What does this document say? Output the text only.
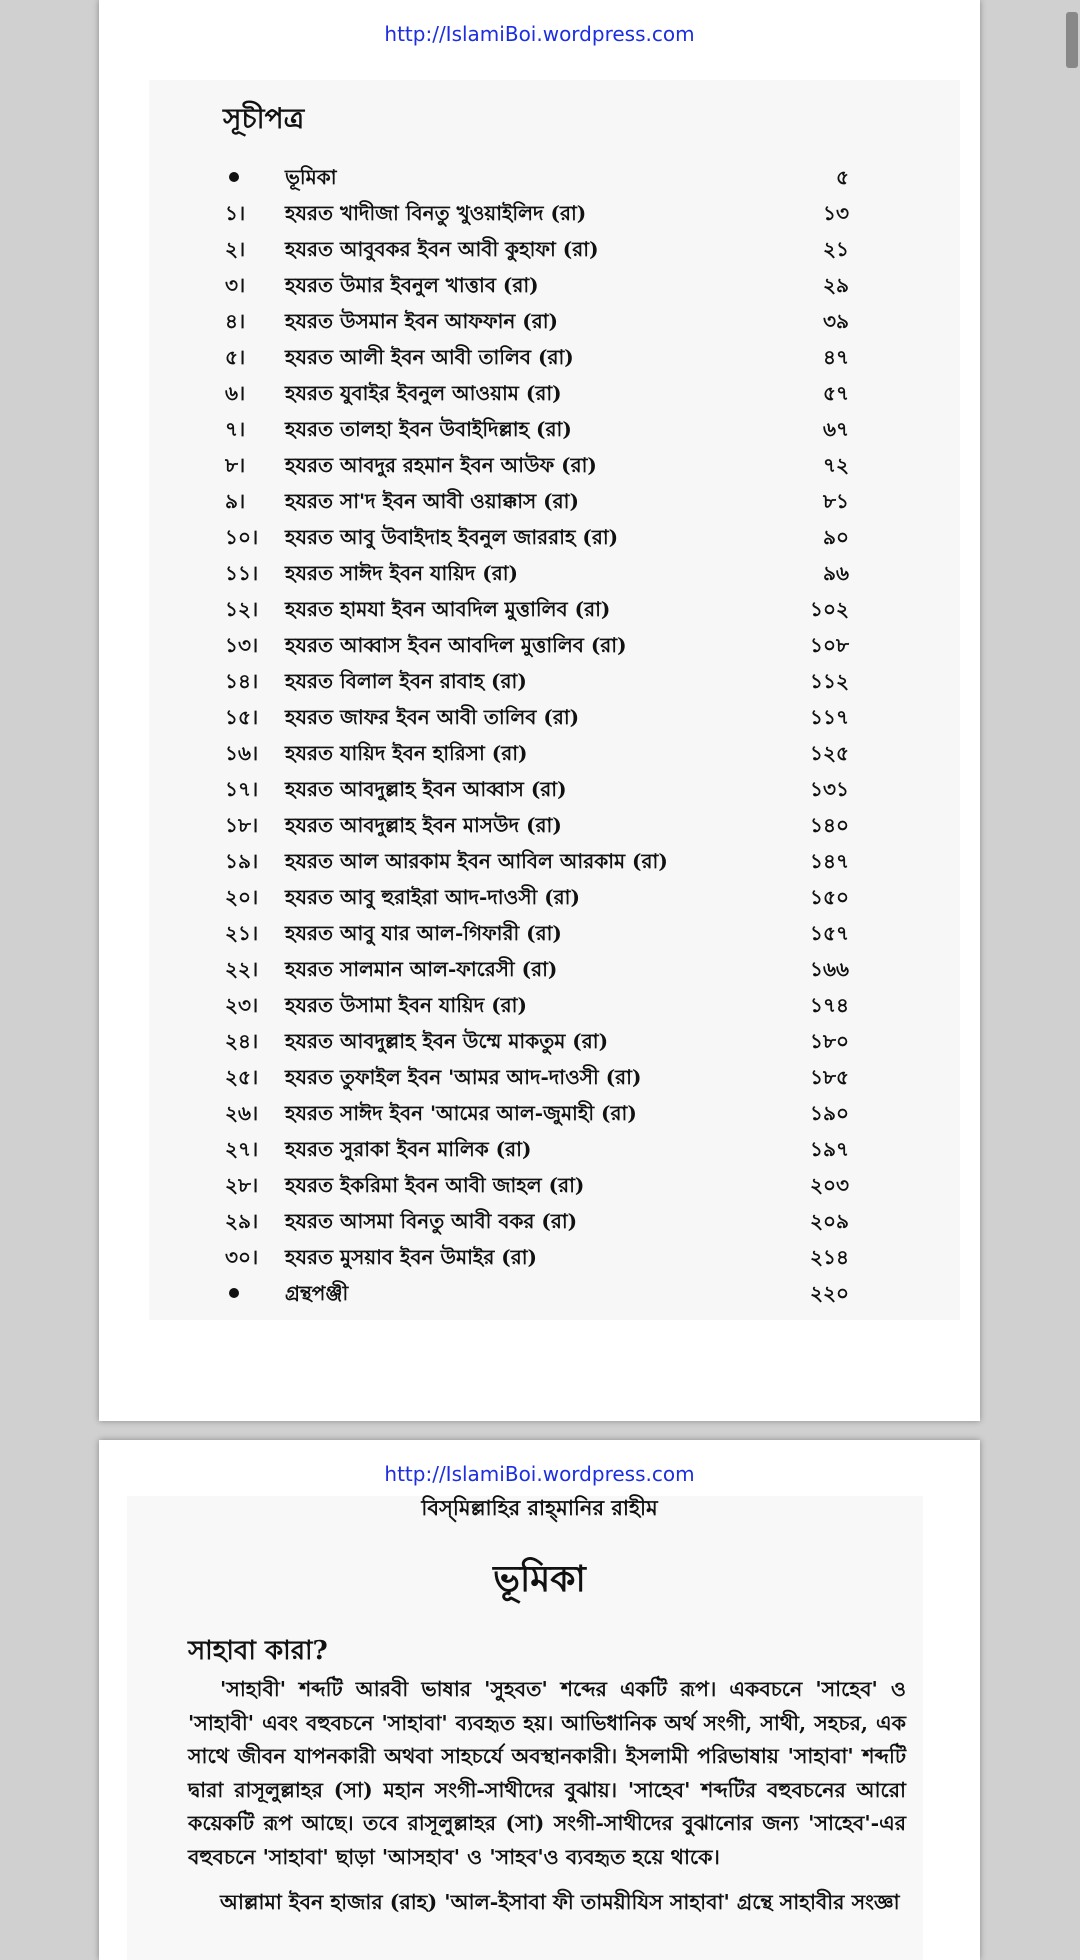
http://IslamiBoi.wordpress.com
সূচীপত্র
ভূমিকা	৫
১।	হযরত খাদীজা বিনতু খুওয়াইলিদ (রা)	১৩
২।	হযরত আবুবকর ইবন আবী কুহাফা (রা)	২১
৩।	হযরত উমার ইবনুল খাত্তাব (রা)	২৯
৪।	হযরত উসমান ইবন আফফান (রা)	৩৯
৫।	হযরত আলী ইবন আবী তালিব (রা)	৪৭
৬।	হযরত যুবাইর ইবনুল আওয়াম (রা)	৫৭
৭।	হযরত তালহা ইবন উবাইদিল্লাহ (রা)	৬৭
৮।	হযরত আবদুর রহমান ইবন আউফ (রা)	৭২
৯।	হযরত সা'দ ইবন আবী ওয়াক্কাস (রা)	৮১
১০।	হযরত আবু উবাইদাহ ইবনুল জাররাহ (রা)	৯০
১১।	হযরত সাঈদ ইবন যায়িদ (রা)	৯৬
১২।	হযরত হামযা ইবন আবদিল মুত্তালিব (রা)	১০২
১৩।	হযরত আব্বাস ইবন আবদিল মুত্তালিব (রা)	১০৮
১৪।	হযরত বিলাল ইবন রাবাহ (রা)	১১২
১৫।	হযরত জাফর ইবন আবী তালিব (রা)	১১৭
১৬।	হযরত যায়িদ ইবন হারিসা (রা)	১২৫
১৭।	হযরত আবদুল্লাহ ইবন আব্বাস (রা)	১৩১
১৮।	হযরত আবদুল্লাহ ইবন মাসউদ (রা)	১৪০
১৯।	হযরত আল আরকাম ইবন আবিল আরকাম (রা)	১৪৭
২০।	হযরত আবু হুরাইরা আদ-দাওসী (রা)	১৫০
২১।	হযরত আবু যার আল-গিফারী (রা)	১৫৭
২২।	হযরত সালমান আল-ফারেসী (রা)	১৬৬
২৩।	হযরত উসামা ইবন যায়িদ (রা)	১৭৪
২৪।	হযরত আবদুল্লাহ ইবন উম্মে মাকতুম (রা)	১৮০
২৫।	হযরত তুফাইল ইবন 'আমর আদ-দাওসী (রা)	১৮৫
২৬।	হযরত সাঈদ ইবন 'আমের আল-জুমাহী (রা)	১৯০
২৭।	হযরত সুরাকা ইবন মালিক (রা)	১৯৭
২৮।	হযরত ইকরিমা ইবন আবী জাহল (রা)	২০৩
২৯।	হযরত আসমা বিনতু আবী বকর (রা)	২০৯
৩০।	হযরত মুসয়াব ইবন উমাইর (রা)	২১৪
গ্রন্থপঞ্জী	২২০
http://IslamiBoi.wordpress.com
বিস্‌মিল্লাহির রাহ্‌মানির রাহীম
ভূমিকা
সাহাবা কারা?
'সাহাবী' শব্দটি আরবী ভাষার 'সুহবত' শব্দের একটি রূপ। একবচনে 'সাহেব' ও 'সাহাবী' এবং বহুবচনে 'সাহাবা' ব্যবহৃত হয়। আভিধানিক অর্থ সংগী, সাথী, সহচর, এক সাথে জীবন যাপনকারী অথবা সাহচর্যে অবস্থানকারী। ইসলামী পরিভাষায় 'সাহাবা' শব্দটি দ্বারা রাসূলুল্লাহর (সা) মহান সংগী-সাথীদের বুঝায়। 'সাহেব' শব্দটির বহুবচনের আরো কয়েকটি রূপ আছে। তবে রাসূলুল্লাহর (সা) সংগী-সাথীদের বুঝানোর জন্য 'সাহেব'-এর বহুবচনে 'সাহাবা' ছাড়া 'আসহাব' ও 'সাহব'ও ব্যবহৃত হয়ে থাকে।
আল্লামা ইবন হাজার (রাহ) 'আল-ইসাবা ফী তাময়ীযিস সাহাবা' গ্রন্থে সাহাবীর সংজ্ঞা
